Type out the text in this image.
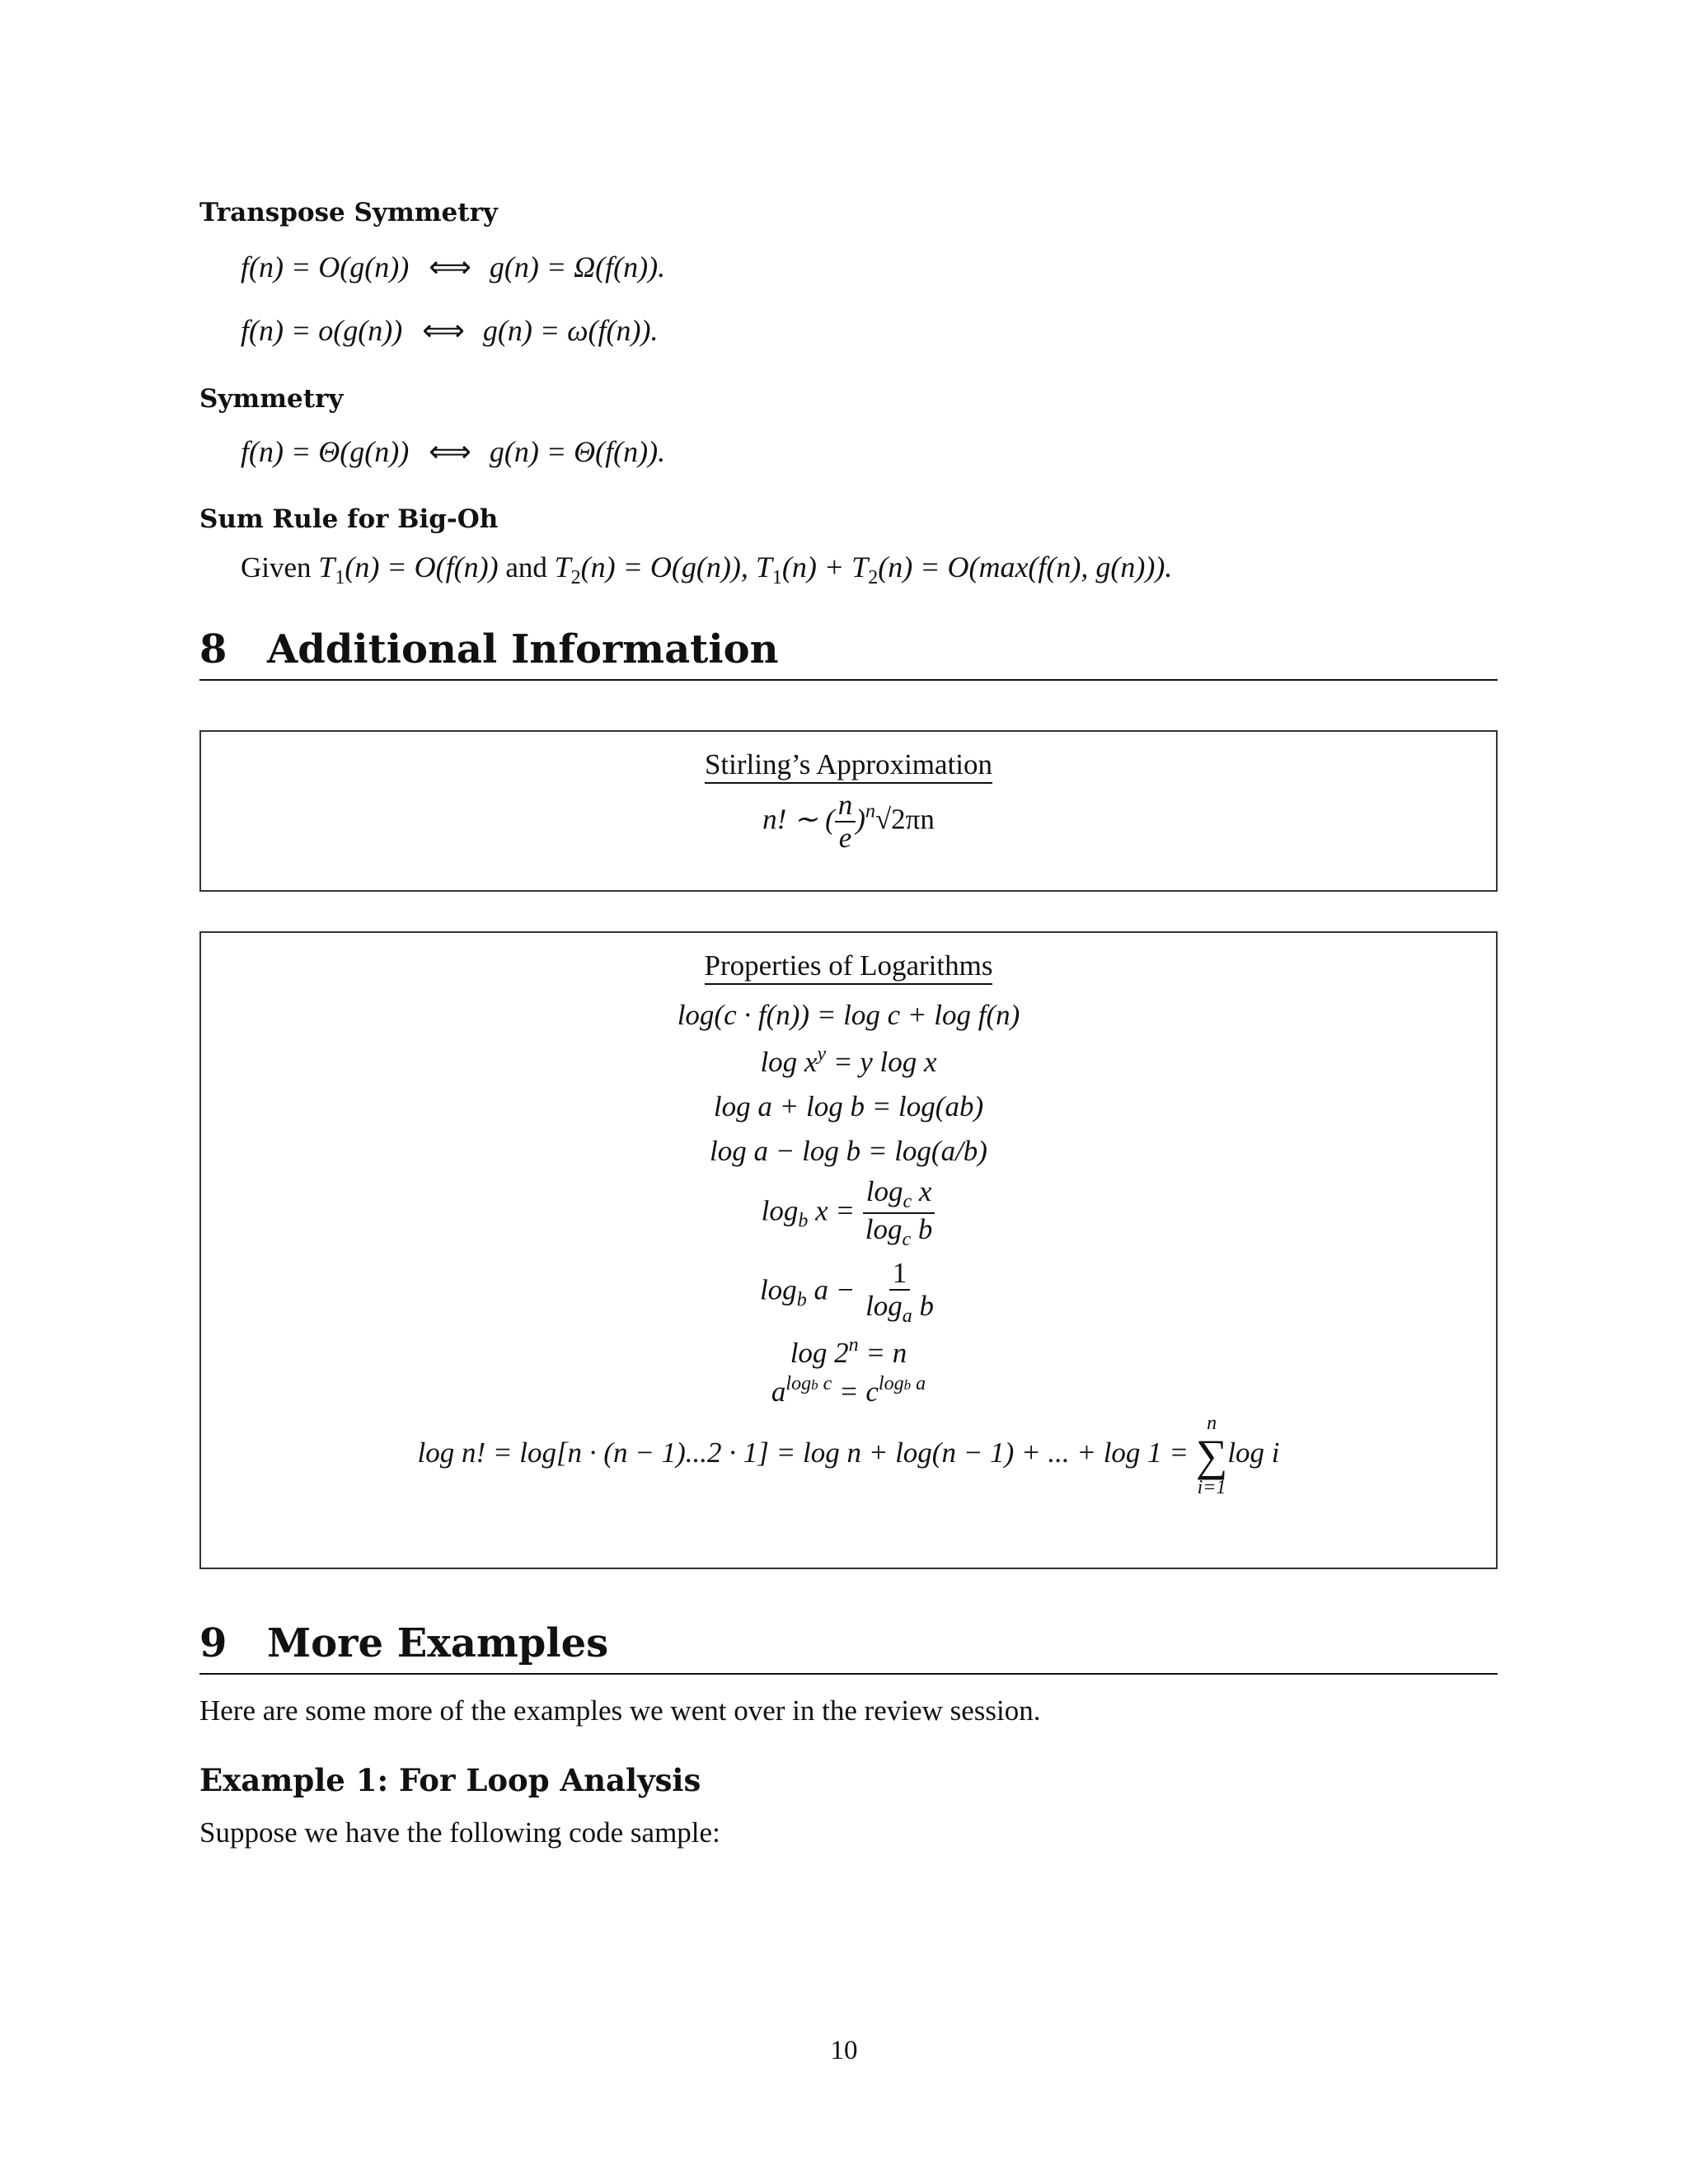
Transpose Symmetry
f(n) = O(g(n)) ⟺ g(n) = Ω(f(n)).
f(n) = o(g(n)) ⟺ g(n) = ω(f(n)).
Symmetry
f(n) = Θ(g(n)) ⟺ g(n) = Θ(f(n)).
Sum Rule for Big-Oh
Given $T_1(n) = O(f(n))$ and $T_2(n) = O(g(n))$, $T_1(n) + T_2(n) = O(\max(f(n)$, g(n))).
8	Additional Information
Stirling’s Approximation
n! ∼ ( $\frac{n}{e} )^n√2\pi n$
Properties of Logarithms
log(c · f(n)) = log c + log f(n)
$\log x^y = y$ log x
log a + log b = log(ab)
log a − log b = log(a/b)
$\log_b x = \frac{\log_c x}{\log_c b}$
$\log_b a - \frac{1}{\log_a b}$
$\log 2^n = n$
$a^{logb c} = c^{logb a}$
log n! = log[n · (n − 1)...2 · 1] = log n + log(n − 1) + ... + log 1 =
n
∑
i=1
log i
9	More Examples
Here are some more of the examples we went over in the review session.
Example 1: For Loop Analysis
Suppose we have the following code sample:
10
